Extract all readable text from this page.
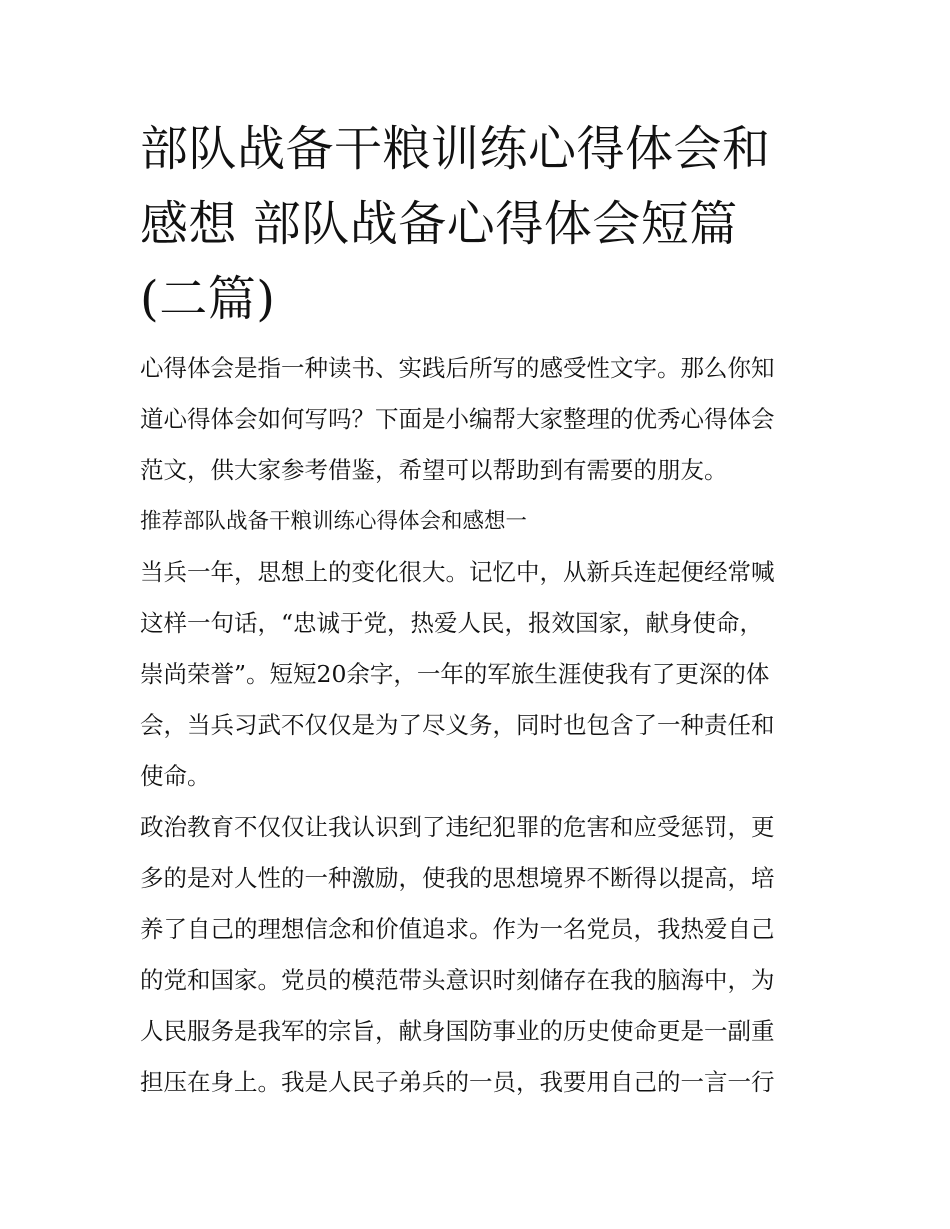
部队战备干粮训练心得体会和
感想 部队战备心得体会短篇
(二篇)

心得体会是指一种读书、实践后所写的感受性文字。那么你知
道心得体会如何写吗？下面是小编帮大家整理的优秀心得体会
范文，供大家参考借鉴，希望可以帮助到有需要的朋友。

推荐部队战备干粮训练心得体会和感想一

当兵一年，思想上的变化很大。记忆中，从新兵连起便经常喊
这样一句话，“忠诚于党，热爱人民，报效国家，献身使命，
崇尚荣誉”。短短20余字，一年的军旅生涯使我有了更深的体
会，当兵习武不仅仅是为了尽义务，同时也包含了一种责任和
使命。

政治教育不仅仅让我认识到了违纪犯罪的危害和应受惩罚，更
多的是对人性的一种激励，使我的思想境界不断得以提高，培
养了自己的理想信念和价值追求。作为一名党员，我热爱自己
的党和国家。党员的模范带头意识时刻储存在我的脑海中，为
人民服务是我军的宗旨，献身国防事业的历史使命更是一副重
担压在身上。我是人民子弟兵的一员，我要用自己的一言一行
